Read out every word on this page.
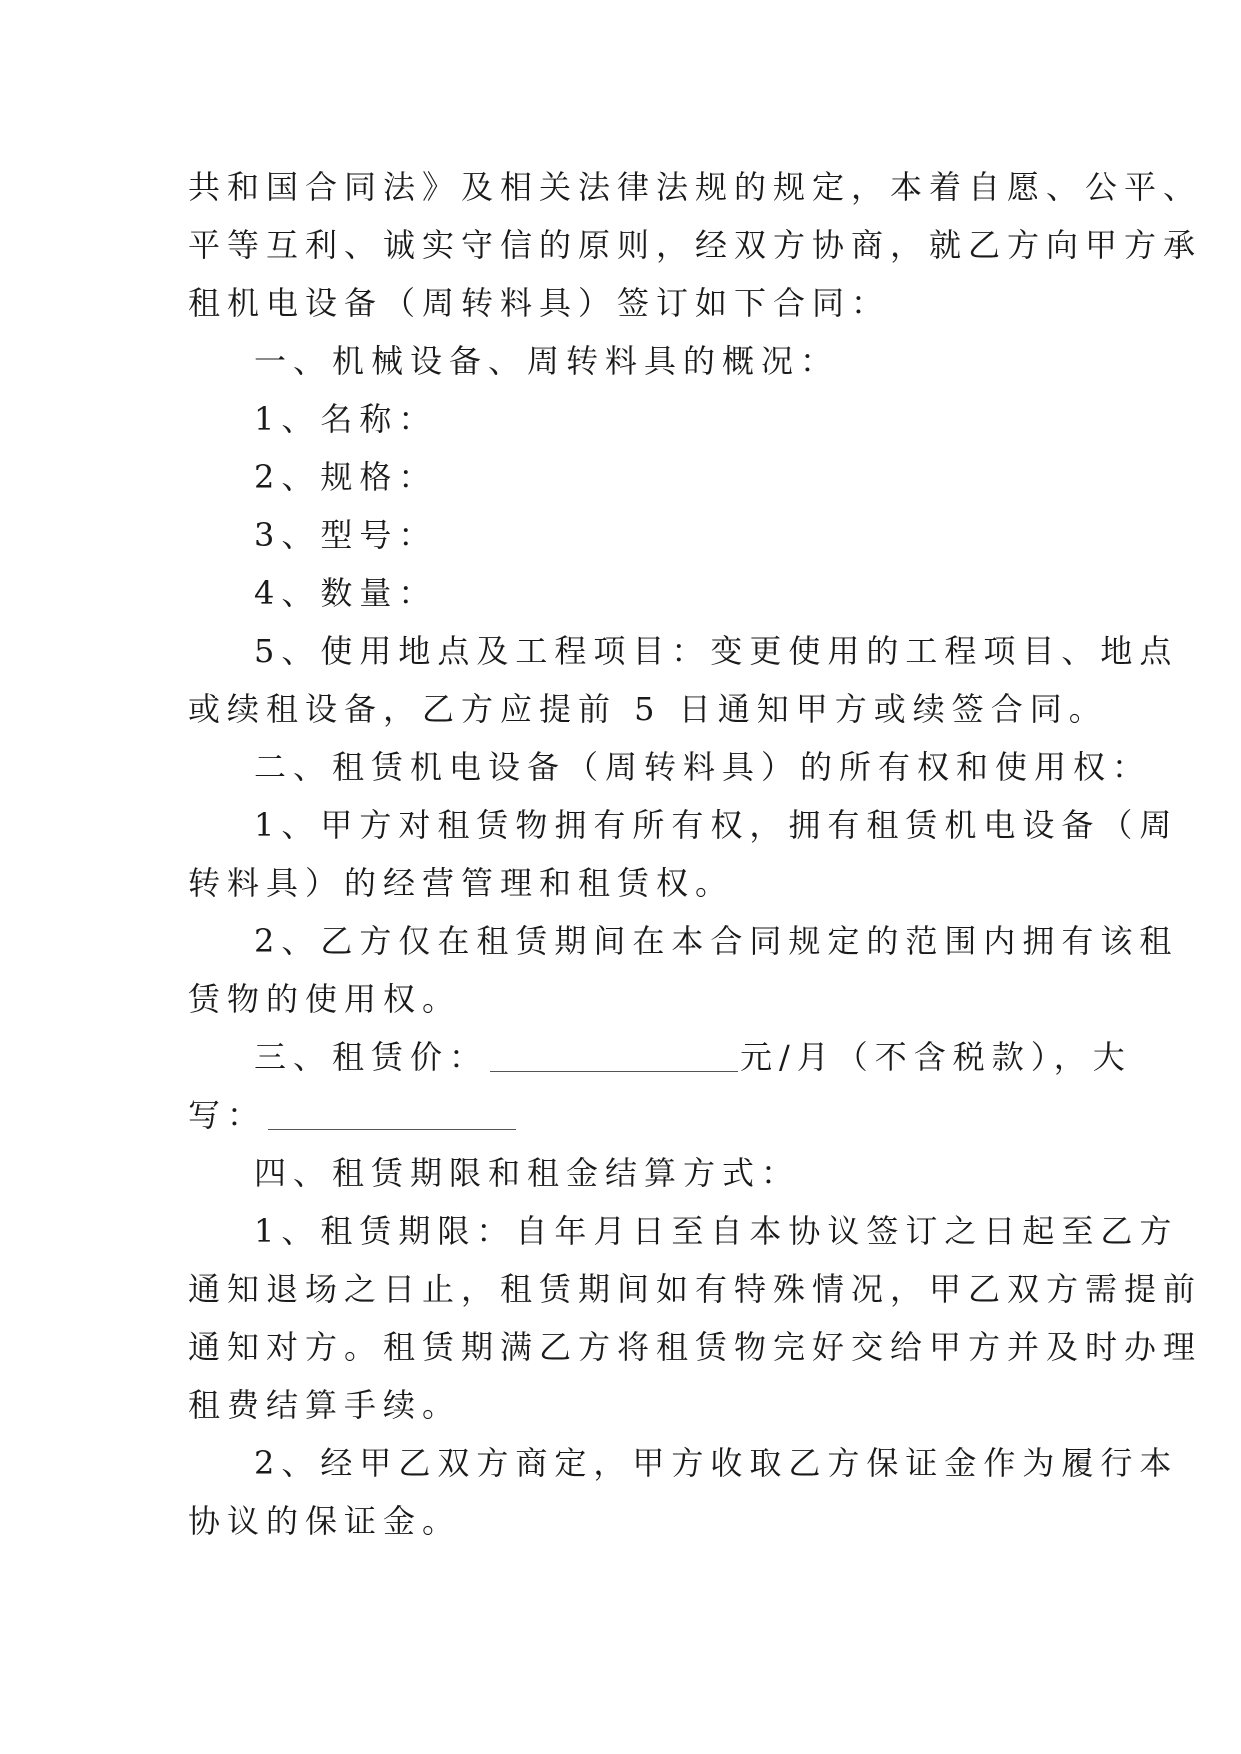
共和国合同法》及相关法律法规的规定，本着自愿、公平、
平等互利、诚实守信的原则，经双方协商，就乙方向甲方承
租机电设备（周转料具）签订如下合同：
一、机械设备、周转料具的概况：
1、名称：
2、规格：
3、型号：
4、数量：
5、使用地点及工程项目：变更使用的工程项目、地点
或续租设备，乙方应提前 5 日通知甲方或续签合同。
二、租赁机电设备（周转料具）的所有权和使用权：
1、甲方对租赁物拥有所有权，拥有租赁机电设备（周
转料具）的经营管理和租赁权。
2、乙方仅在租赁期间在本合同规定的范围内拥有该租
赁物的使用权。
三、租赁价：	元/月（不含税款），大
写：
四、租赁期限和租金结算方式：
1、租赁期限：自年月日至自本协议签订之日起至乙方
通知退场之日止，租赁期间如有特殊情况，甲乙双方需提前
通知对方。租赁期满乙方将租赁物完好交给甲方并及时办理
租费结算手续。
2、经甲乙双方商定，甲方收取乙方保证金作为履行本
协议的保证金。
